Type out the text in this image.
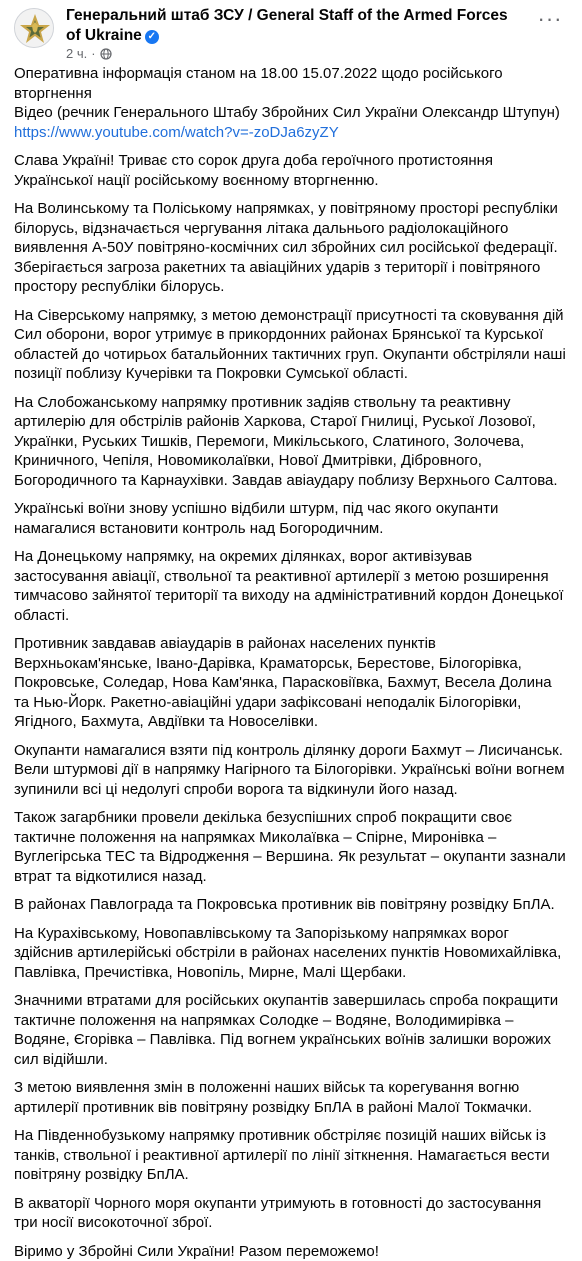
Генеральний штаб ЗСУ / General Staff of the Armed Forces of Ukraine ✓
2 ч. ·
···

Оперативна інформація станом на 18.00 15.07.2022 щодо російського вторгнення
Відео (речник Генерального Штабу Збройних Сил України Олександр Штупун)
https://www.youtube.com/watch?v=-zoDJa6zyZY

Слава Україні! Триває сто сорок друга доба героїчного протистояння Української нації російському воєнному вторгненню.

На Волинському та Поліському напрямках, у повітряному просторі республіки білорусь, відзначається чергування літака дальнього радіолокаційного виявлення А-50У повітряно-космічних сил збройних сил російської федерації. Зберігається загроза ракетних та авіаційних ударів з території і повітряного простору республіки білорусь.

На Сіверському напрямку, з метою демонстрації присутності та сковування дій Сил оборони, ворог утримує в прикордонних районах Брянської та Курської областей до чотирьох батальйонних тактичних груп. Окупанти обстріляли наші позиції поблизу Кучерівки та Покровки Сумської області.

На Слобожанському напрямку противник задіяв ствольну та реактивну артилерію для обстрілів районів Харкова, Старої Гнилиці, Руської Лозової, Українки, Руських Тишків, Перемоги, Микільського, Слатиного, Золочева, Криничного, Чепіля, Новомиколаївки, Нової Дмитрівки, Дібровного, Богородичного та Карнаухівки. Завдав авіаудару поблизу Верхнього Салтова.

Українські воїни знову успішно відбили штурм, під час якого окупанти намагалися встановити контроль над Богородичним.

На Донецькому напрямку, на окремих ділянках, ворог активізував застосування авіації, ствольної та реактивної артилерії з метою розширення тимчасово зайнятої території та виходу на адміністративний кордон Донецької області.

Противник завдавав авіаударів в районах населених пунктів Верхньокам'янське, Івано-Дарівка, Краматорськ, Берестове, Білогорівка, Покровське, Соледар, Нова Кам'янка, Парасковіївка, Бахмут, Весела Долина та Нью-Йорк. Ракетно-авіаційні удари зафіксовані неподалік Білогорівки, Ягідного, Бахмута, Авдіївки та Новоселівки.

Окупанти намагалися взяти під контроль ділянку дороги Бахмут – Лисичанськ. Вели штурмові дії в напрямку Нагірного та Білогорівки. Українські воїни вогнем зупинили всі ці недолугі спроби ворога та відкинули його назад.

Також загарбники провели декілька безуспішних спроб покращити своє тактичне положення на напрямках Миколаївка – Спірне, Миронівка – Вуглегірська ТЕС та Відродження – Вершина. Як результат – окупанти зазнали втрат та відкотилися назад.

В районах Павлограда та Покровська противник вів повітряну розвідку БпЛА.

На Курахівському, Новопавлівському та Запорізькому напрямках ворог здійснив артилерійські обстріли в районах населених пунктів Новомихайлівка, Павлівка, Пречистівка, Новопіль, Мирне, Малі Щербаки.

Значними втратами для російських окупантів завершилась спроба покращити тактичне положення на напрямках Солодке – Водяне, Володимирівка – Водяне, Єгорівка – Павлівка. Під вогнем українських воїнів залишки ворожих сил відійшли.

З метою виявлення змін в положенні наших військ та корегування вогню артилерії противник вів повітряну розвідку БпЛА в районі Малої Токмачки.

На Південнобузькому напрямку противник обстріляє позицій наших військ із танків, ствольної і реактивної артилерії по лінії зіткнення. Намагається вести повітряну розвідку БпЛА.

В акваторії Чорного моря окупанти утримують в готовності до застосування три носії високоточної зброї.

Віримо у Збройні Сили України! Разом переможемо!
